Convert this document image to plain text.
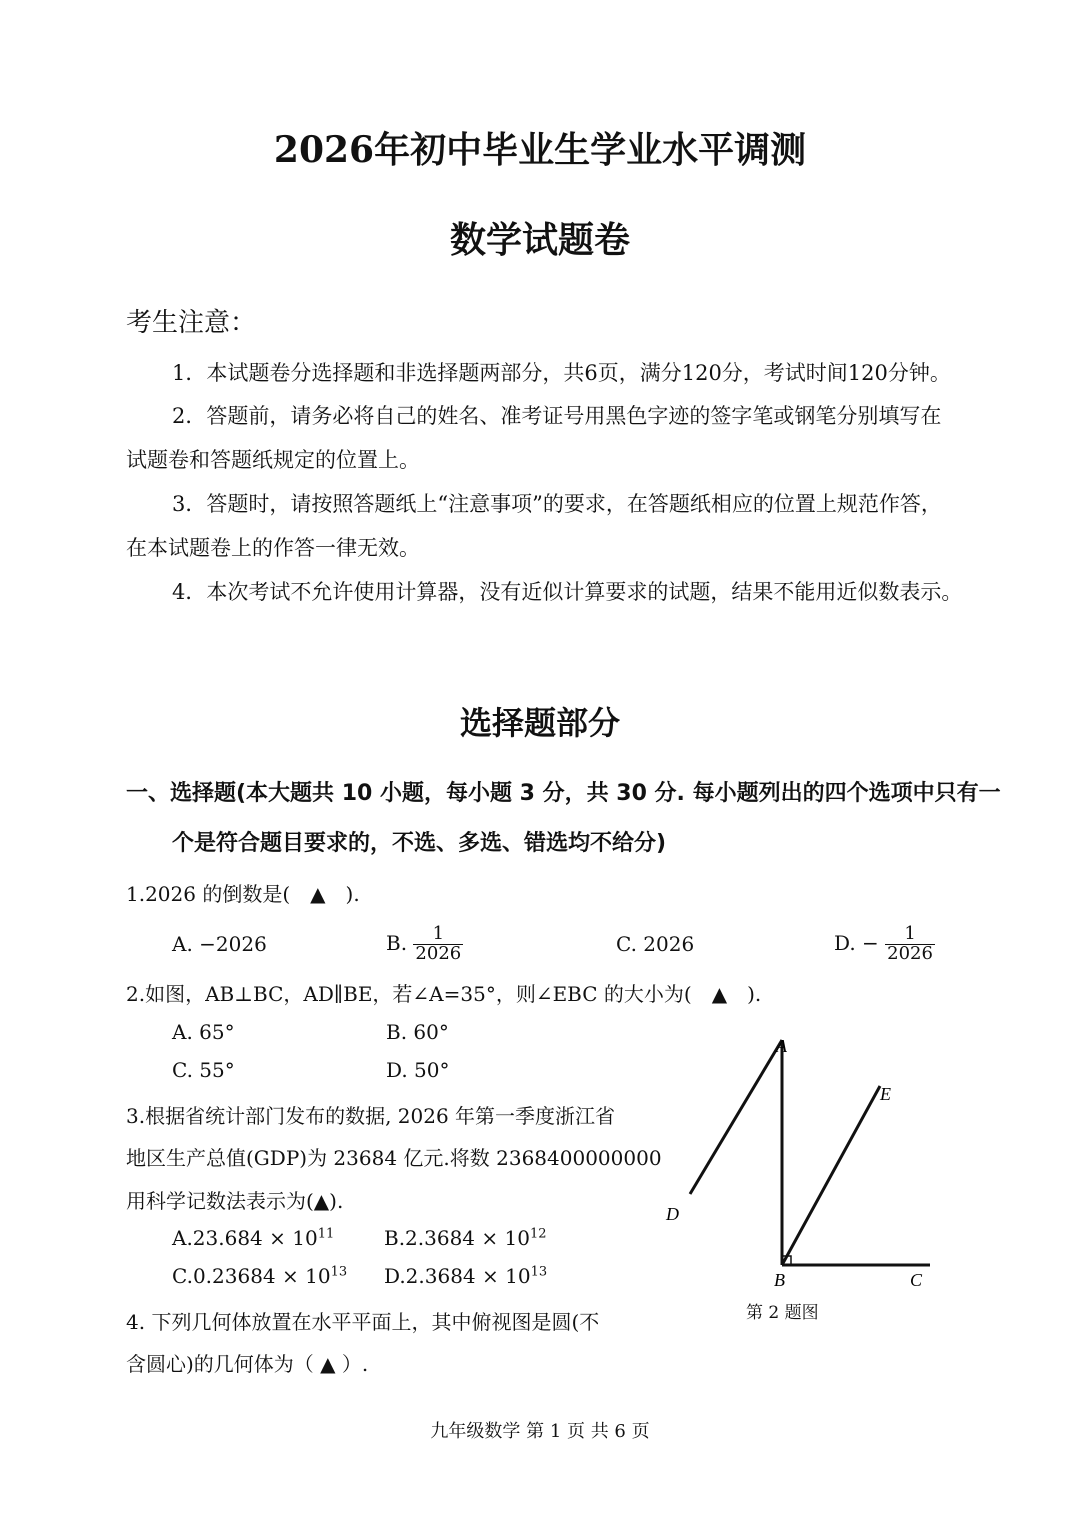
2026年初中毕业生学业水平调测
数学试题卷
考生注意：
1．本试题卷分选择题和非选择题两部分，共6页，满分120分，考试时间120分钟。
2．答题前，请务必将自己的姓名、准考证号用黑色字迹的签字笔或钢笔分别填写在
试题卷和答题纸规定的位置上。
3．答题时，请按照答题纸上“注意事项”的要求，在答题纸相应的位置上规范作答，
在本试题卷上的作答一律无效。
4．本次考试不允许使用计算器，没有近似计算要求的试题，结果不能用近似数表示。
选择题部分
一、选择题(本大题共 10 小题，每小题 3 分，共 30 分. 每小题列出的四个选项中只有一
个是符合题目要求的，不选、多选、错选均不给分)
1.2026 的倒数是(　▲　).
A. −2026	B. $\frac{1}{2026}$	C. 2026	D. − $\frac{1}{2026}$
2.如图，AB⊥BC，AD∥BE，若∠A=35°，则∠EBC 的大小为(　▲　).
A. 65°	B. 60°
C. 55°	D. 50°
3.根据省统计部门发布的数据, 2026 年第一季度浙江省
地区生产总值(GDP)为 23684 亿元.将数 2368400000000
用科学记数法表示为(▲).
$A.23.684 \times 10^{11}$ $B.2.3684 \times 10^{12}$
$C.0.23684 \times 10^{13}$ $D.2.3684 \times 10^{13}$
4. 下列几何体放置在水平平面上，其中俯视图是圆(不
含圆心)的几何体为（ ▲ ）.
A
B	C
D
E
第 2 题图
九年级数学 第 1 页 共 6 页
